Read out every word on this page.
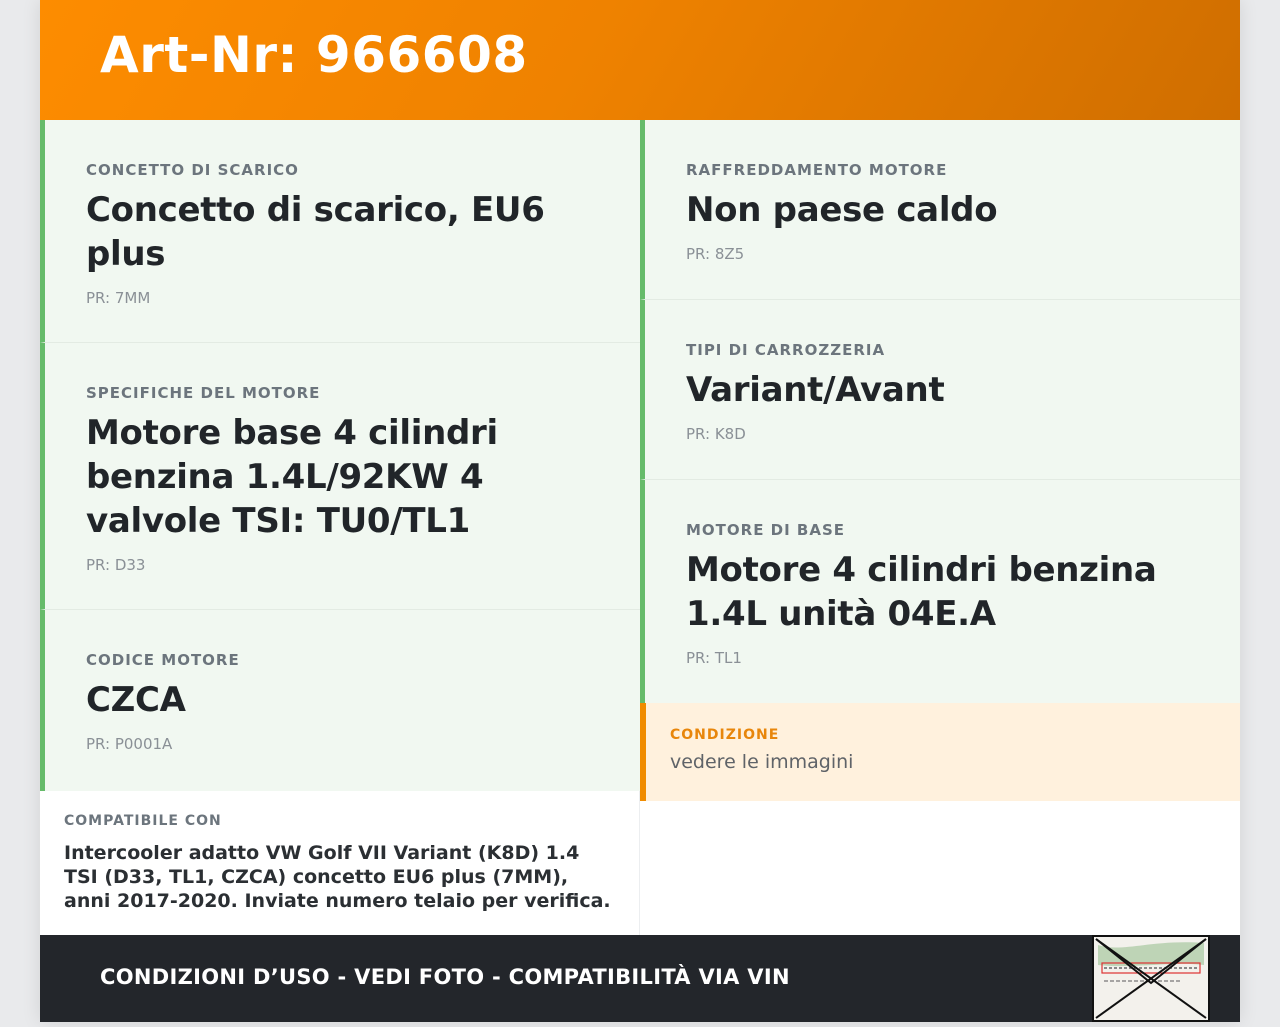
Art-Nr: 966608
CONCETTO DI SCARICO
Concetto di scarico, EU6 plus
PR: 7MM
SPECIFICHE DEL MOTORE
Motore base 4 cilindri benzina 1.4L/92KW 4 valvole TSI: TU0/TL1
PR: D33
CODICE MOTORE
CZCA
PR: P0001A
RAFFREDDAMENTO MOTORE
Non paese caldo
PR: 8Z5
TIPI DI CARROZZERIA
Variant/Avant
PR: K8D
MOTORE DI BASE
Motore 4 cilindri benzina 1.4L unità 04E.A
PR: TL1
CONDIZIONE
vedere le immagini
COMPATIBILE CON
Intercooler adatto VW Golf VII Variant (K8D) 1.4 TSI (D33, TL1, CZCA) concetto EU6 plus (7MM), anni 2017-2020. Inviate numero telaio per verifica.
CONDIZIONI D’USO - VEDI FOTO - COMPATIBILITÀ VIA VIN
